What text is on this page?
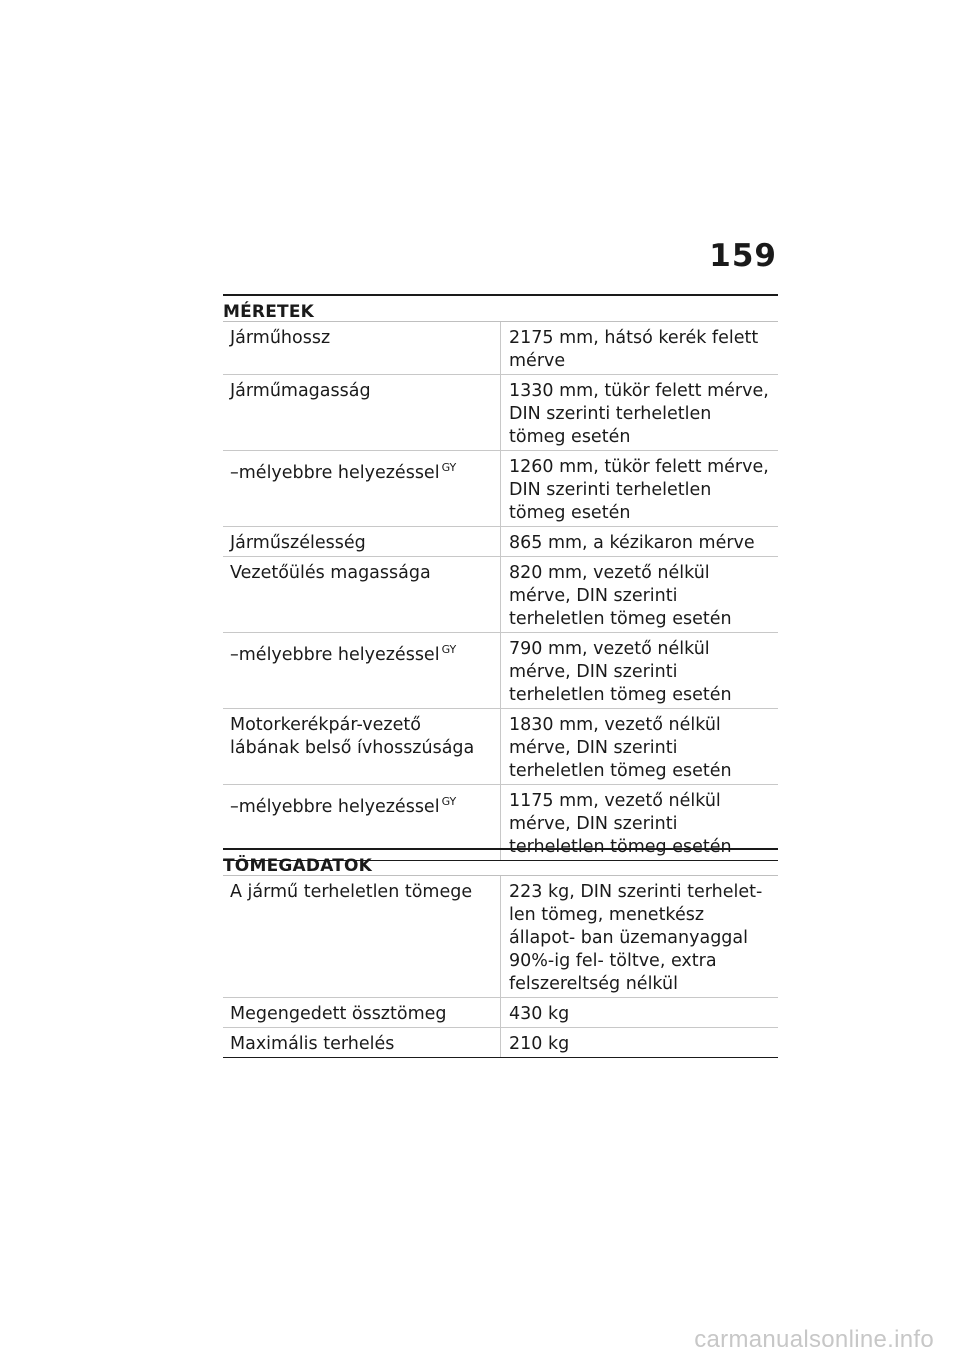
159
MÉRETEK
Járműhossz	2175 mm, hátsó kerék felett mérve
Járműmagasság	1330 mm, tükör felett mérve, DIN szerinti terheletlen tömeg esetén
–mélyebbre helyezéssel $^{GY}$	1260 mm, tükör felett mérve, DIN szerinti terheletlen tömeg esetén
Járműszélesség	865 mm, a kézikaron mérve
Vezetőülés magassága	820 mm, vezető nélkül mérve, DIN szerinti terheletlen tömeg esetén
–mélyebbre helyezéssel $^{GY}$	790 mm, vezető nélkül mérve, DIN szerinti terheletlen tömeg esetén
Motorkerékpár-vezető lábának belső ívhosszúsága	1830 mm, vezető nélkül mérve, DIN szerinti terheletlen tömeg esetén
–mélyebbre helyezéssel $^{GY}$	1175 mm, vezető nélkül mérve, DIN szerinti terheletlen tömeg esetén
TÖMEGADATOK
A jármű terheletlen tömege	223 kg, DIN szerinti terhelet- len tömeg, menetkész állapot- ban üzemanyaggal 90%-ig fel- töltve, extra felszereltség nélkül
Megengedett össztömeg	430 kg
Maximális terhelés	210 kg
carmanualsonline.info
